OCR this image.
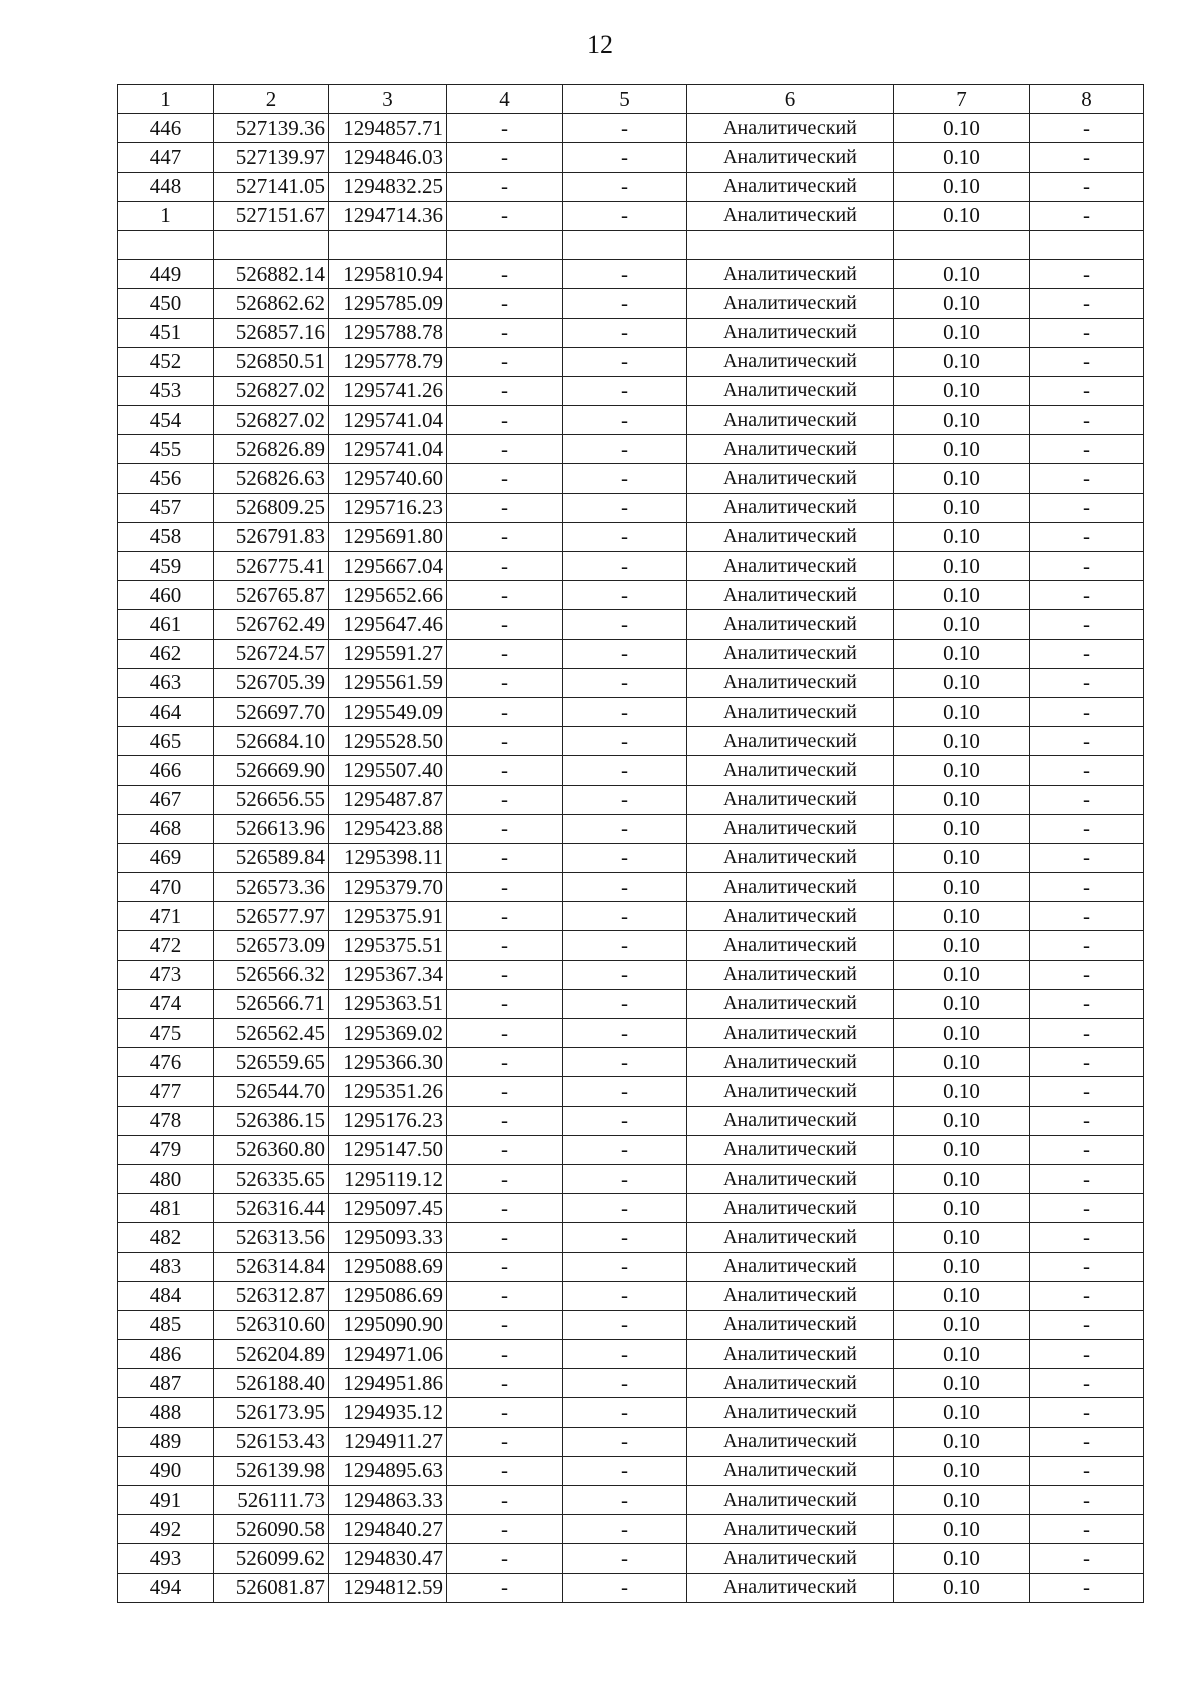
12
1	2	3	4	5	6	7	8
446	527139.36	1294857.71	-	-	Аналитический	0.10	-
447	527139.97	1294846.03	-	-	Аналитический	0.10	-
448	527141.05	1294832.25	-	-	Аналитический	0.10	-
1	527151.67	1294714.36	-	-	Аналитический	0.10	-

449	526882.14	1295810.94	-	-	Аналитический	0.10	-
450	526862.62	1295785.09	-	-	Аналитический	0.10	-
451	526857.16	1295788.78	-	-	Аналитический	0.10	-
452	526850.51	1295778.79	-	-	Аналитический	0.10	-
453	526827.02	1295741.26	-	-	Аналитический	0.10	-
454	526827.02	1295741.04	-	-	Аналитический	0.10	-
455	526826.89	1295741.04	-	-	Аналитический	0.10	-
456	526826.63	1295740.60	-	-	Аналитический	0.10	-
457	526809.25	1295716.23	-	-	Аналитический	0.10	-
458	526791.83	1295691.80	-	-	Аналитический	0.10	-
459	526775.41	1295667.04	-	-	Аналитический	0.10	-
460	526765.87	1295652.66	-	-	Аналитический	0.10	-
461	526762.49	1295647.46	-	-	Аналитический	0.10	-
462	526724.57	1295591.27	-	-	Аналитический	0.10	-
463	526705.39	1295561.59	-	-	Аналитический	0.10	-
464	526697.70	1295549.09	-	-	Аналитический	0.10	-
465	526684.10	1295528.50	-	-	Аналитический	0.10	-
466	526669.90	1295507.40	-	-	Аналитический	0.10	-
467	526656.55	1295487.87	-	-	Аналитический	0.10	-
468	526613.96	1295423.88	-	-	Аналитический	0.10	-
469	526589.84	1295398.11	-	-	Аналитический	0.10	-
470	526573.36	1295379.70	-	-	Аналитический	0.10	-
471	526577.97	1295375.91	-	-	Аналитический	0.10	-
472	526573.09	1295375.51	-	-	Аналитический	0.10	-
473	526566.32	1295367.34	-	-	Аналитический	0.10	-
474	526566.71	1295363.51	-	-	Аналитический	0.10	-
475	526562.45	1295369.02	-	-	Аналитический	0.10	-
476	526559.65	1295366.30	-	-	Аналитический	0.10	-
477	526544.70	1295351.26	-	-	Аналитический	0.10	-
478	526386.15	1295176.23	-	-	Аналитический	0.10	-
479	526360.80	1295147.50	-	-	Аналитический	0.10	-
480	526335.65	1295119.12	-	-	Аналитический	0.10	-
481	526316.44	1295097.45	-	-	Аналитический	0.10	-
482	526313.56	1295093.33	-	-	Аналитический	0.10	-
483	526314.84	1295088.69	-	-	Аналитический	0.10	-
484	526312.87	1295086.69	-	-	Аналитический	0.10	-
485	526310.60	1295090.90	-	-	Аналитический	0.10	-
486	526204.89	1294971.06	-	-	Аналитический	0.10	-
487	526188.40	1294951.86	-	-	Аналитический	0.10	-
488	526173.95	1294935.12	-	-	Аналитический	0.10	-
489	526153.43	1294911.27	-	-	Аналитический	0.10	-
490	526139.98	1294895.63	-	-	Аналитический	0.10	-
491	526111.73	1294863.33	-	-	Аналитический	0.10	-
492	526090.58	1294840.27	-	-	Аналитический	0.10	-
493	526099.62	1294830.47	-	-	Аналитический	0.10	-
494	526081.87	1294812.59	-	-	Аналитический	0.10	-
